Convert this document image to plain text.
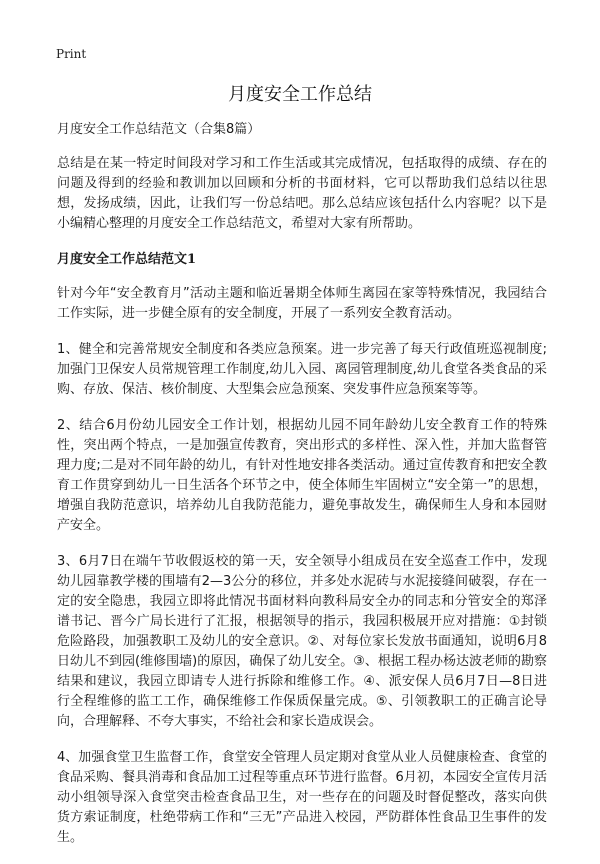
Print
月度安全工作总结

月度安全工作总结范文（合集8篇）

总结是在某一特定时间段对学习和工作生活或其完成情况，包括取得的成绩、存在的问题及得到的经验和教训加以回顾和分析的书面材料，它可以帮助我们总结以往思想，发扬成绩，因此，让我们写一份总结吧。那么总结应该包括什么内容呢？以下是小编精心整理的月度安全工作总结范文，希望对大家有所帮助。

月度安全工作总结范文1

针对今年“安全教育月”活动主题和临近暑期全体师生离园在家等特殊情况，我园结合工作实际，进一步健全原有的安全制度，开展了一系列安全教育活动。

1、健全和完善常规安全制度和各类应急预案。进一步完善了每天行政值班巡视制度;加强门卫保安人员常规管理工作制度,幼儿入园、离园管理制度,幼儿食堂各类食品的采购、存放、保洁、核价制度、大型集会应急预案、突发事件应急预案等等。

2、结合6月份幼儿园安全工作计划，根据幼儿园不同年龄幼儿安全教育工作的特殊性，突出两个特点，一是加强宣传教育，突出形式的多样性、深入性，并加大监督管理力度;二是对不同年龄的幼儿，有针对性地安排各类活动。通过宣传教育和把安全教育工作贯穿到幼儿一日生活各个环节之中，使全体师生牢固树立“安全第一”的思想，增强自我防范意识，培养幼儿自我防范能力，避免事故发生，确保师生人身和本园财产安全。

3、6月7日在端午节收假返校的第一天，安全领导小组成员在安全巡查工作中，发现幼儿园靠教学楼的围墙有2—3公分的移位，并多处水泥砖与水泥接缝间破裂，存在一定的安全隐患，我园立即将此情况书面材料向教科局安全办的同志和分管安全的郑泽谱书记、晋今广局长进行了汇报，根据领导的指示，我园积极展开应对措施：①封锁危险路段，加强教职工及幼儿的安全意识。②、对每位家长发放书面通知，说明6月8日幼儿不到园(维修围墙)的原因，确保了幼儿安全。③、根据工程办杨达波老师的勘察结果和建议，我园立即请专人进行拆除和维修工作。④、派安保人员6月7日—8日进行全程维修的监工工作，确保维修工作保质保量完成。⑤、引领教职工的正确言论导向，合理解释、不夸大事实，不给社会和家长造成误会。

4、加强食堂卫生监督工作，食堂安全管理人员定期对食堂从业人员健康检查、食堂的食品采购、餐具消毒和食品加工过程等重点环节进行监督。6月初，本园安全宣传月活动小组领导深入食堂突击检查食品卫生，对一些存在的问题及时督促整改，落实向供货方索证制度，杜绝带病工作和“三无”产品进入校园，严防群体性食品卫生事件的发生。
